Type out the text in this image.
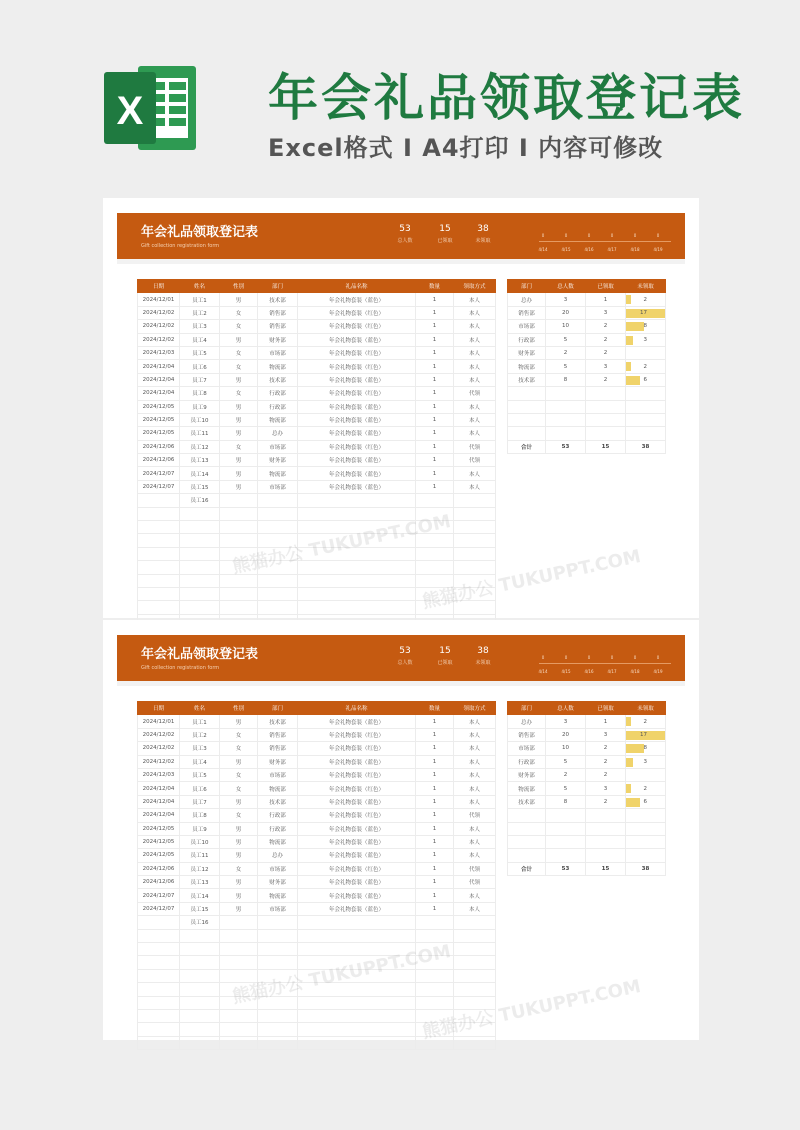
X 年会礼品领取登记表
Excel格式 I A4打印 I 内容可修改
年会礼品领取登记表
Gift collection registration form
53
总人数
15
已领取
38
未领取
0
4/14
0
4/15
0
4/16
0
4/17
0
4/18
0
4/19
日期	姓名	性别	部门	礼品名称	数量	领取方式
2024/12/01	员工1	男	技术部	年会礼物套装（蓝色）	1	本人
2024/12/02	员工2	女	销售部	年会礼物套装（红色）	1	本人
2024/12/02	员工3	女	销售部	年会礼物套装（红色）	1	本人
2024/12/02	员工4	男	财务部	年会礼物套装（蓝色）	1	本人
2024/12/03	员工5	女	市场部	年会礼物套装（红色）	1	本人
2024/12/04	员工6	女	物流部	年会礼物套装（红色）	1	本人
2024/12/04	员工7	男	技术部	年会礼物套装（蓝色）	1	本人
2024/12/04	员工8	女	行政部	年会礼物套装（红色）	1	代领
2024/12/05	员工9	男	行政部	年会礼物套装（蓝色）	1	本人
2024/12/05	员工10	男	物流部	年会礼物套装（蓝色）	1	本人
2024/12/05	员工11	男	总办	年会礼物套装（蓝色）	1	本人
2024/12/06	员工12	女	市场部	年会礼物套装（红色）	1	代领
2024/12/06	员工13	男	财务部	年会礼物套装（蓝色）	1	代领
2024/12/07	员工14	男	物流部	年会礼物套装（蓝色）	1	本人
2024/12/07	员工15	男	市场部	年会礼物套装（蓝色）	1	本人
	员工16					

部门	总人数	已领取	未领取
总办	3	1	2
销售部	20	3	17
市场部	10	2	8
行政部	5	2	3
财务部	2	2	

物流部	5	3	2
技术部	8	2	6

合计	53	15	38
年会礼品领取登记表
Gift collection registration form
53
总人数
15
已领取
38
未领取
0
4/14
0
4/15
0
4/16
0
4/17
0
4/18
0
4/19
日期	姓名	性别	部门	礼品名称	数量	领取方式
2024/12/01	员工1	男	技术部	年会礼物套装（蓝色）	1	本人
2024/12/02	员工2	女	销售部	年会礼物套装（红色）	1	本人
2024/12/02	员工3	女	销售部	年会礼物套装（红色）	1	本人
2024/12/02	员工4	男	财务部	年会礼物套装（蓝色）	1	本人
2024/12/03	员工5	女	市场部	年会礼物套装（红色）	1	本人
2024/12/04	员工6	女	物流部	年会礼物套装（红色）	1	本人
2024/12/04	员工7	男	技术部	年会礼物套装（蓝色）	1	本人
2024/12/04	员工8	女	行政部	年会礼物套装（红色）	1	代领
2024/12/05	员工9	男	行政部	年会礼物套装（蓝色）	1	本人
2024/12/05	员工10	男	物流部	年会礼物套装（蓝色）	1	本人
2024/12/05	员工11	男	总办	年会礼物套装（蓝色）	1	本人
2024/12/06	员工12	女	市场部	年会礼物套装（红色）	1	代领
2024/12/06	员工13	男	财务部	年会礼物套装（蓝色）	1	代领
2024/12/07	员工14	男	物流部	年会礼物套装（蓝色）	1	本人
2024/12/07	员工15	男	市场部	年会礼物套装（蓝色）	1	本人
	员工16					

部门	总人数	已领取	未领取
总办	3	1	2
销售部	20	3	17
市场部	10	2	8
行政部	5	2	3
财务部	2	2	

物流部	5	3	2
技术部	8	2	6

合计	53	15	38
